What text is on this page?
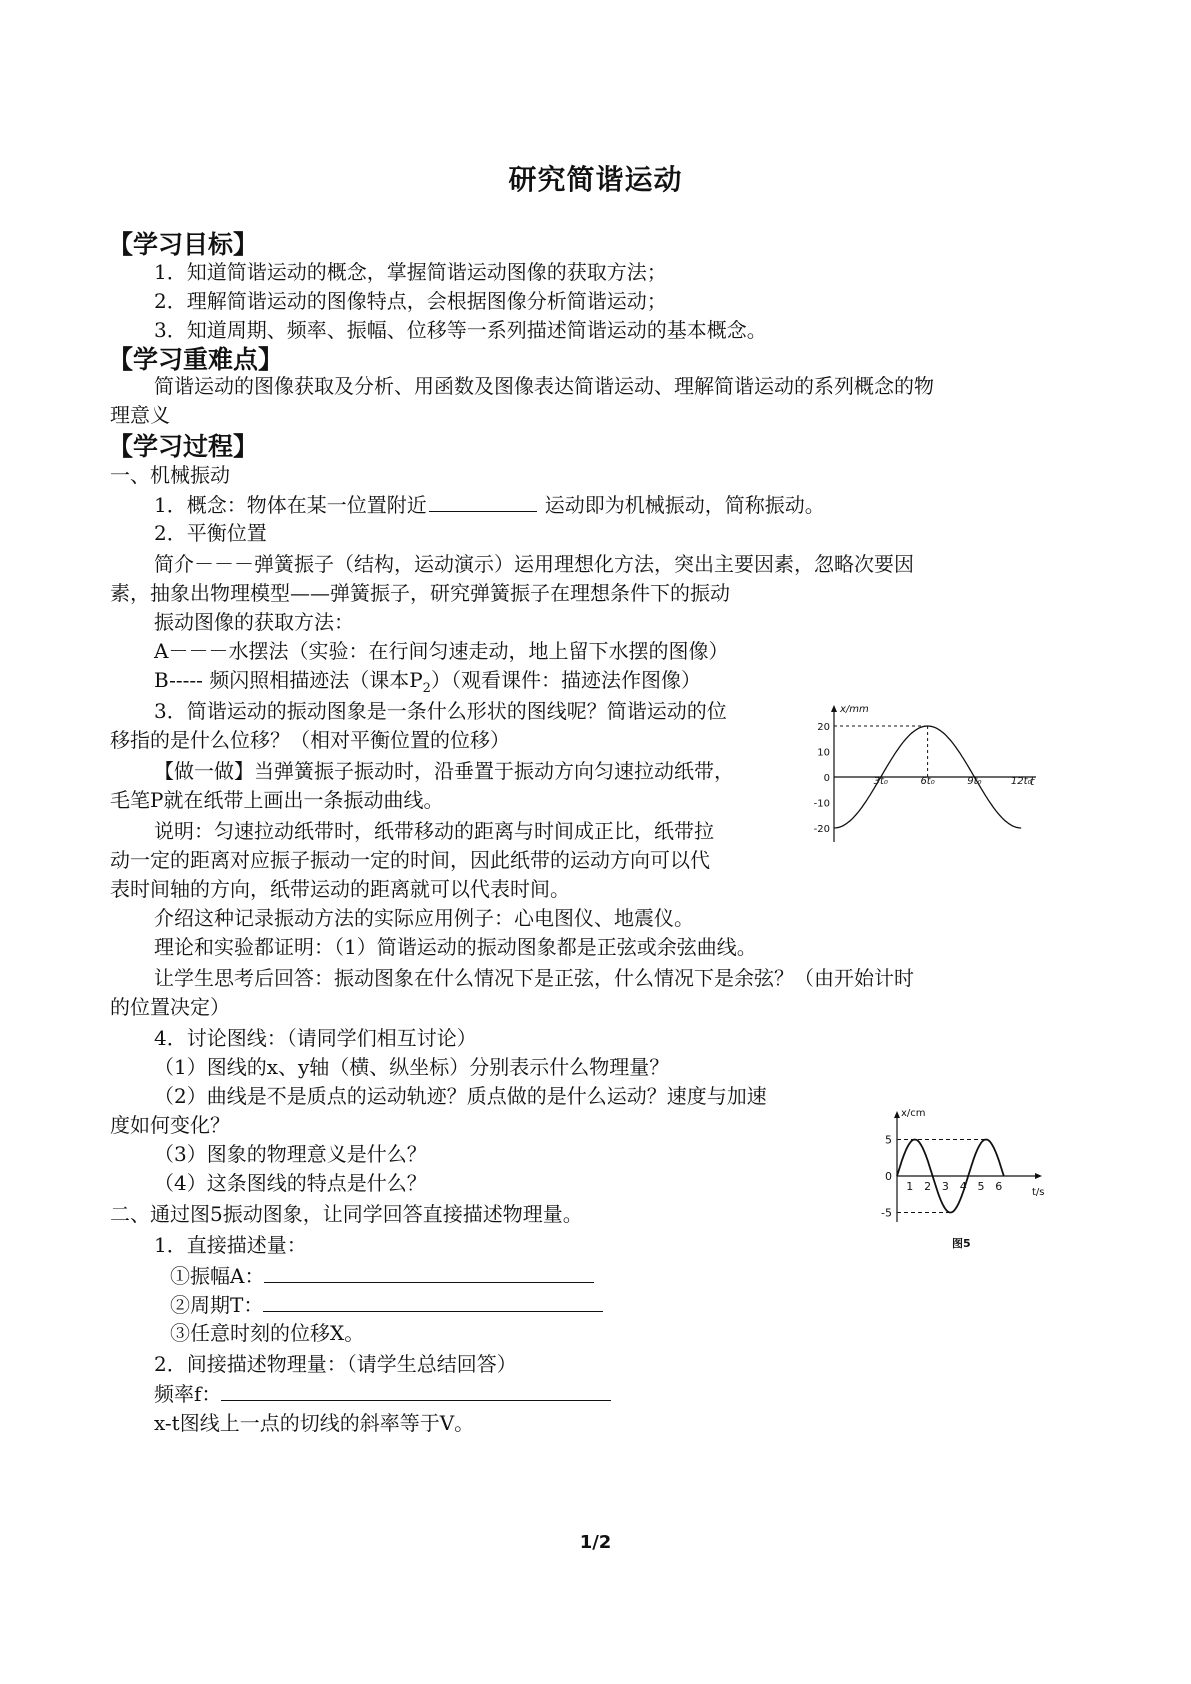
研究简谐运动
【学习目标】
1．知道简谐运动的概念，掌握简谐运动图像的获取方法；
2．理解简谐运动的图像特点，会根据图像分析简谐运动；
3．知道周期、频率、振幅、位移等一系列描述简谐运动的基本概念。
【学习重难点】
简谐运动的图像获取及分析、用函数及图像表达简谐运动、理解简谐运动的系列概念的物
理意义
【学习过程】
一、机械振动
1．概念：物体在某一位置附近	运动即为机械振动，简称振动。
2．平衡位置
简介－－－弹簧振子（结构，运动演示）运用理想化方法，突出主要因素，忽略次要因
素，抽象出物理模型——弹簧振子，研究弹簧振子在理想条件下的振动
振动图像的获取方法：
A－－－水摆法（实验：在行间匀速走动，地上留下水摆的图像）
B----- 频闪照相描迹法（课本$P_2$）（观看课件：描迹法作图像）
3．简谐运动的振动图象是一条什么形状的图线呢？简谐运动的位
移指的是什么位移？（相对平衡位置的位移）
【做一做】当弹簧振子振动时，沿垂置于振动方向匀速拉动纸带，
毛笔P就在纸带上画出一条振动曲线。
说明：匀速拉动纸带时，纸带移动的距离与时间成正比，纸带拉
动一定的距离对应振子振动一定的时间，因此纸带的运动方向可以代
表时间轴的方向，纸带运动的距离就可以代表时间。
介绍这种记录振动方法的实际应用例子：心电图仪、地震仪。
理论和实验都证明：（1）简谐运动的振动图象都是正弦或余弦曲线。
让学生思考后回答：振动图象在什么情况下是正弦，什么情况下是余弦？（由开始计时
的位置决定）
4．讨论图线：（请同学们相互讨论）
（1）图线的x、y轴（横、纵坐标）分别表示什么物理量？
（2）曲线是不是质点的运动轨迹？质点做的是什么运动？速度与加速
度如何变化？
（3）图象的物理意义是什么？
（4）这条图线的特点是什么？
二、通过图5振动图象，让同学回答直接描述物理量。
1．直接描述量：
①振幅A：
②周期T：
③任意时刻的位移X。
2．间接描述物理量：（请学生总结回答）
频率f：
x-t图线上一点的切线的斜率等于V。
1/2
x/mm
t
20
10
0
-10
-20
3t₀	6t₀	9t₀	12t₀
x/cm
t/s
5
0
-5
1 2 3 4 5 6
图5
